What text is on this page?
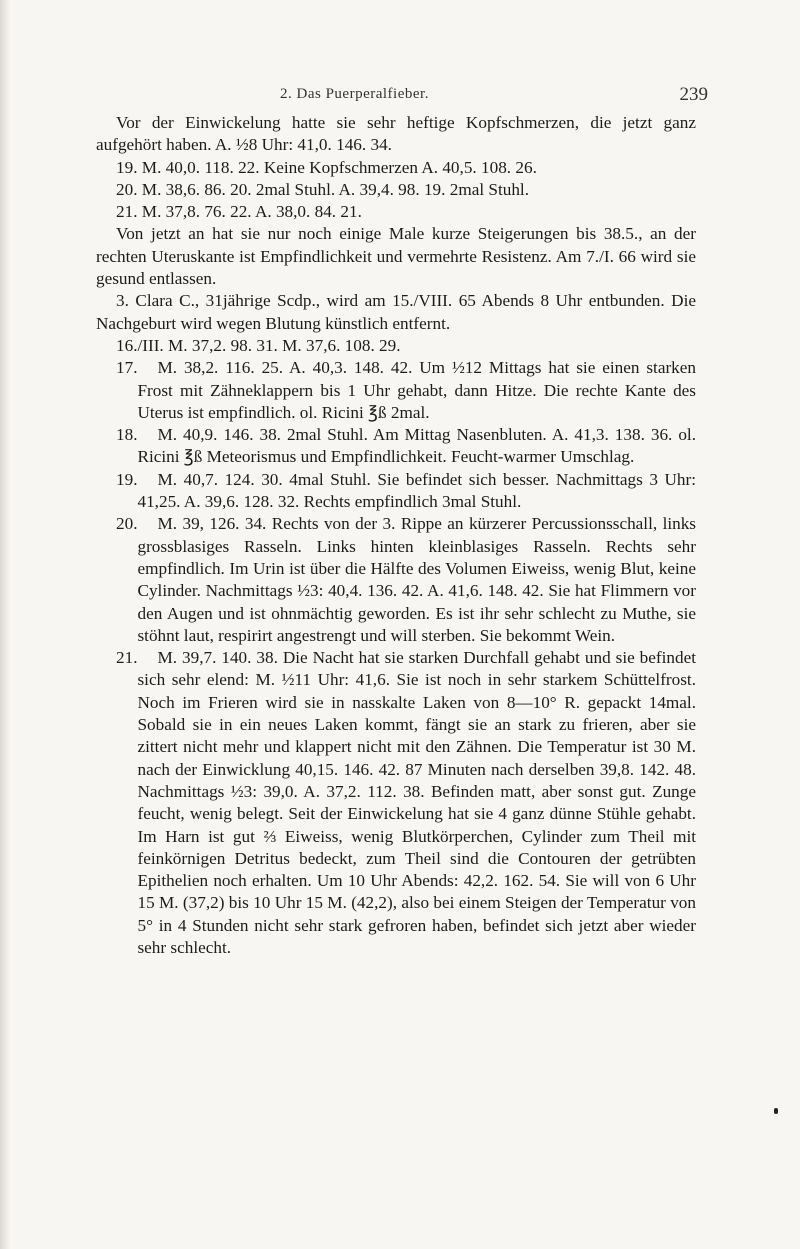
2. Das Puerperalfieber.	239

Vor der Einwickelung hatte sie sehr heftige Kopfschmerzen, die jetzt ganz aufgehört haben. A. ½8 Uhr: 41,0. 146. 34.

19. M. 40,0. 118. 22. Keine Kopfschmerzen A. 40,5. 108. 26.

20. M. 38,6. 86. 20. 2mal Stuhl. A. 39,4. 98. 19. 2mal Stuhl.

21. M. 37,8. 76. 22. A. 38,0. 84. 21.

Von jetzt an hat sie nur noch einige Male kurze Steigerungen bis 38.5., an der rechten Uteruskante ist Empfindlichkeit und vermehrte Resistenz. Am 7./I. 66 wird sie gesund entlassen.

3. Clara C., 31jährige Scdp., wird am 15./VIII. 65 Abends 8 Uhr entbunden. Die Nachgeburt wird wegen Blutung künstlich entfernt.

16./III. M. 37,2. 98. 31. M. 37,6. 108. 29.

17.	M. 38,2. 116. 25. A. 40,3. 148. 42. Um ½12 Mittags hat sie einen starken Frost mit Zähneklappern bis 1 Uhr gehabt, dann Hitze. Die rechte Kante des Uterus ist empfindlich. ol. Ricini ℥ß 2mal.
18.	M. 40,9. 146. 38. 2mal Stuhl. Am Mittag Nasenbluten. A. 41,3. 138. 36. ol. Ricini ℥ß Meteorismus und Empfindlichkeit. Feucht-warmer Umschlag.
19.	M. 40,7. 124. 30. 4mal Stuhl. Sie befindet sich besser. Nachmittags 3 Uhr: 41,25. A. 39,6. 128. 32. Rechts empfindlich 3mal Stuhl.
20.	M. 39, 126. 34. Rechts von der 3. Rippe an kürzerer Percussionsschall, links grossblasiges Rasseln. Links hinten kleinblasiges Rasseln. Rechts sehr empfindlich. Im Urin ist über die Hälfte des Volumen Eiweiss, wenig Blut, keine Cylinder. Nachmittags ½3: 40,4. 136. 42. A. 41,6. 148. 42. Sie hat Flimmern vor den Augen und ist ohnmächtig geworden. Es ist ihr sehr schlecht zu Muthe, sie stöhnt laut, respirirt angestrengt und will sterben. Sie bekommt Wein.
21.	M. 39,7. 140. 38. Die Nacht hat sie starken Durchfall gehabt und sie befindet sich sehr elend: M. ½11 Uhr: 41,6. Sie ist noch in sehr starkem Schüttelfrost. Noch im Frieren wird sie in nasskalte Laken von 8—10° R. gepackt 14mal. Sobald sie in ein neues Laken kommt, fängt sie an stark zu frieren, aber sie zittert nicht mehr und klappert nicht mit den Zähnen. Die Temperatur ist 30 M. nach der Einwicklung 40,15. 146. 42. 87 Minuten nach derselben 39,8. 142. 48. Nachmittags ½3: 39,0. A. 37,2. 112. 38. Befinden matt, aber sonst gut. Zunge feucht, wenig belegt. Seit der Einwickelung hat sie 4 ganz dünne Stühle gehabt. Im Harn ist gut ⅔ Eiweiss, wenig Blutkörperchen, Cylinder zum Theil mit feinkörnigen Detritus bedeckt, zum Theil sind die Contouren der getrübten Epithelien noch erhalten. Um 10 Uhr Abends: 42,2. 162. 54. Sie will von 6 Uhr 15 M. (37,2) bis 10 Uhr 15 M. (42,2), also bei einem Steigen der Temperatur von 5° in 4 Stunden nicht sehr stark gefroren haben, befindet sich jetzt aber wieder sehr schlecht.
